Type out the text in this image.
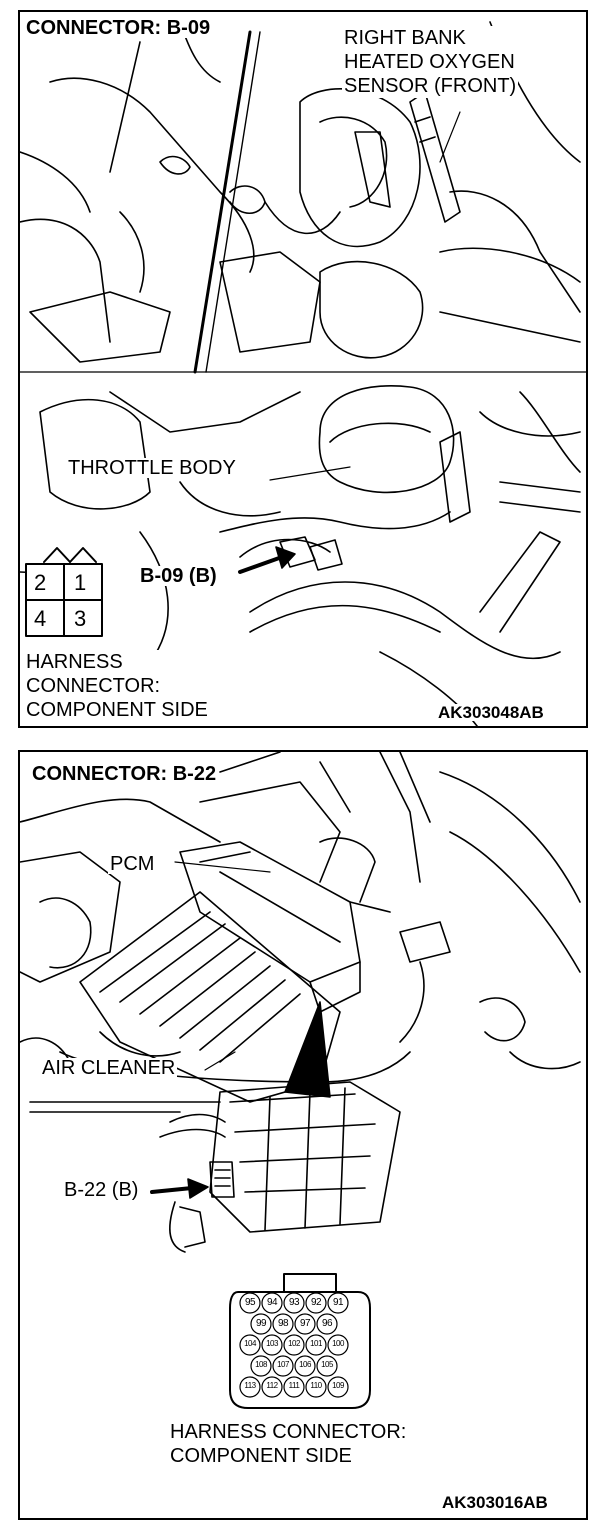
CONNECTOR: B-09	RIGHT BANK
HEATED OXYGEN
SENSOR (FRONT)
THROTTLE BODY
B-09 (B)
2 1
4 3
HARNESS
CONNECTOR:
COMPONENT SIDE	AK303048AB
CONNECTOR: B-22
PCM
AIR CLEANER
B-22 (B)
95	94	93	92	91
99	98	97	96
104	103	102	101	100
108	107	106	105
113	112	111	110	109
HARNESS CONNECTOR:
COMPONENT SIDE
AK303016AB
